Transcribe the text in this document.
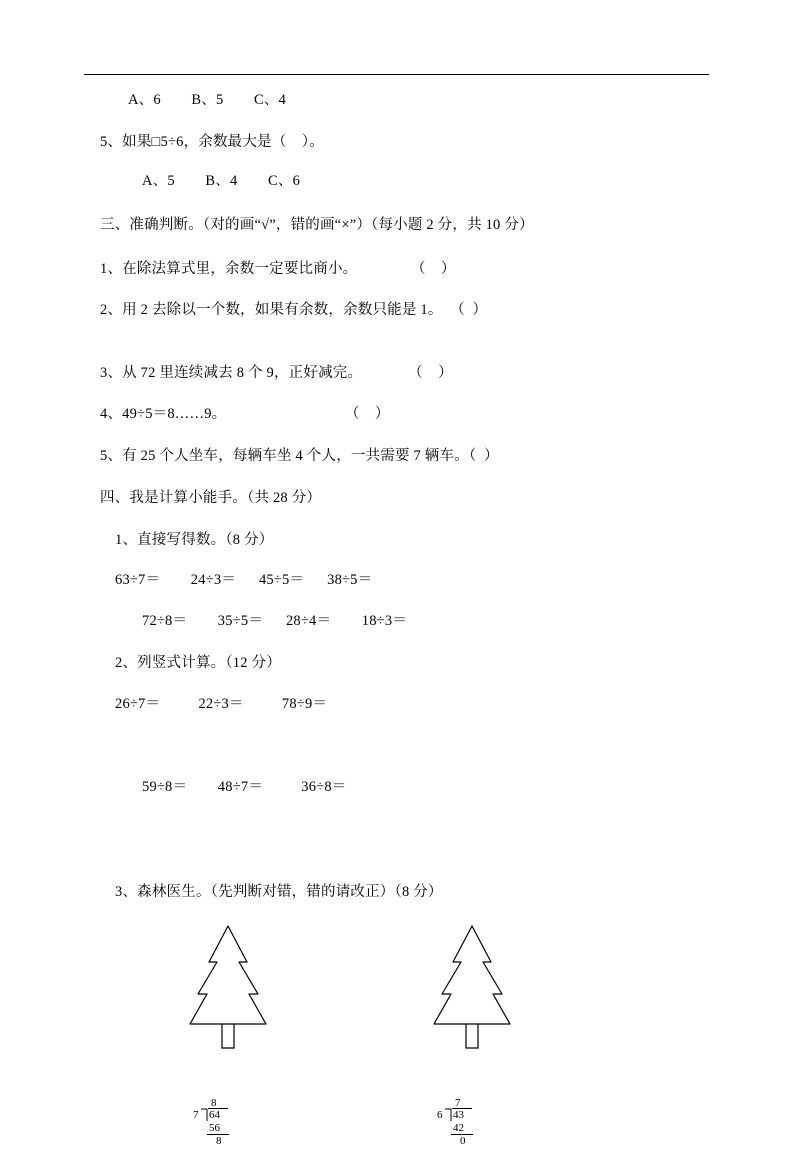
A、6        B、5        C、4
5、如果□5÷6，余数最大是（    ）。
A、5        B、4        C、6
三、准确判断。（对的画“√”，错的画“×”）（每小题 2 分，共 10 分）
1、在除法算式里，余数一定要比商小。              （    ）
2、用 2 去除以一个数，如果有余数，余数只能是 1。  （  ）
3、从 72 里连续减去 8 个 9，正好减完。            （    ）
4、49÷5＝8……9。                               （    ）
5、有 25 个人坐车，每辆车坐 4 个人，一共需要 7 辆车。（  ）
四、我是计算小能手。（共 28 分）
1、直接写得数。（8 分）
63÷7＝        24÷3＝      45÷5＝      38÷5＝
72÷8＝        35÷5＝      28÷4＝        18÷3＝
2、列竖式计算。（12 分）
26÷7＝          22÷3＝          78÷9＝
59÷8＝        48÷7＝          36÷8＝
3、森林医生。（先判断对错，错的请改正）（8 分）

8

7

64

56

8

7

6

43

42

0
